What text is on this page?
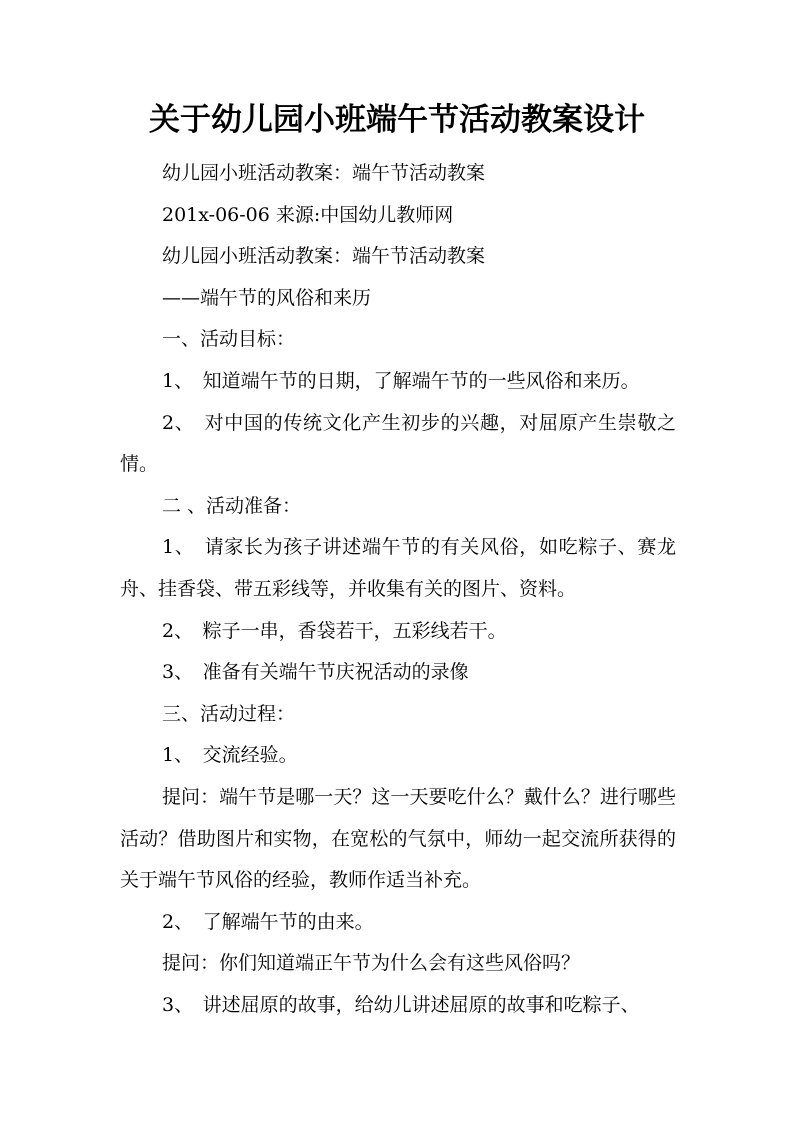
关于幼儿园小班端午节活动教案设计

幼儿园小班活动教案：端午节活动教案

201x-06-06 来源:中国幼儿教师网

幼儿园小班活动教案：端午节活动教案

——端午节的风俗和来历

一、活动目标：

1、　知道端午节的日期，了解端午节的一些风俗和来历。

2、　对中国的传统文化产生初步的兴趣，对屈原产生崇敬之情。

二 、活动准备：

1、　请家长为孩子讲述端午节的有关风俗，如吃粽子、赛龙舟、挂香袋、带五彩线等，并收集有关的图片、资料。

2、　粽子一串，香袋若干，五彩线若干。

3、　准备有关端午节庆祝活动的录像

三、活动过程：

1、　交流经验。

提问：端午节是哪一天？这一天要吃什么？戴什么？进行哪些活动？借助图片和实物，在宽松的气氛中，师幼一起交流所获得的关于端午节风俗的经验，教师作适当补充。

2、　了解端午节的由来。

提问：你们知道端正午节为什么会有这些风俗吗？

3、　讲述屈原的故事，给幼儿讲述屈原的故事和吃粽子、
